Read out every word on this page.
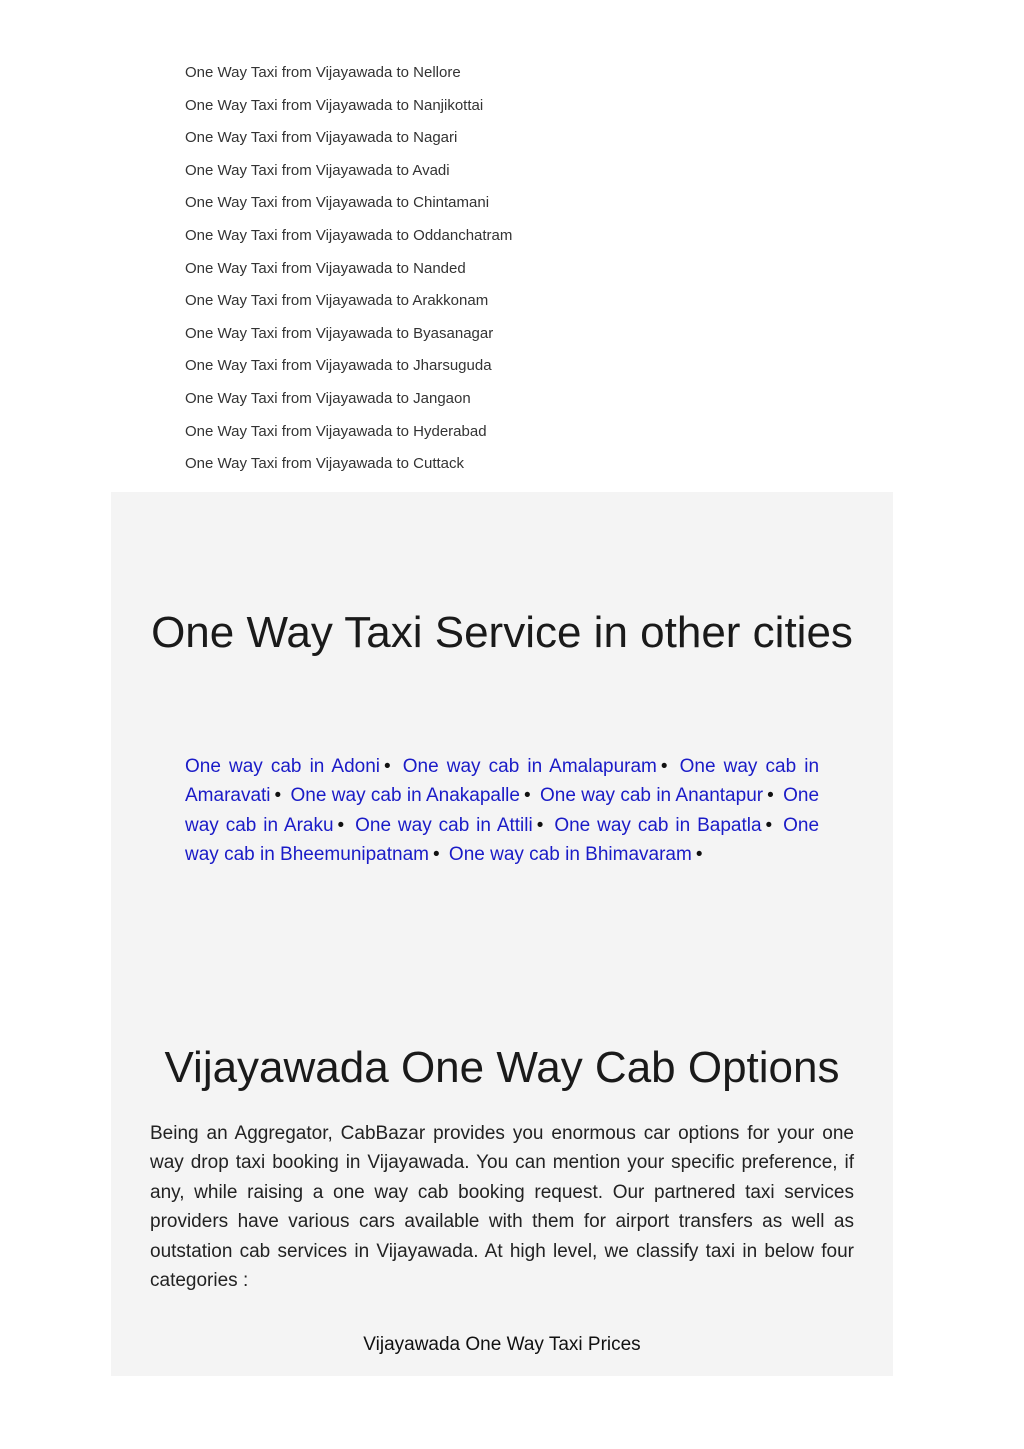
One Way Taxi from Vijayawada to Nellore
One Way Taxi from Vijayawada to Nanjikottai
One Way Taxi from Vijayawada to Nagari
One Way Taxi from Vijayawada to Avadi
One Way Taxi from Vijayawada to Chintamani
One Way Taxi from Vijayawada to Oddanchatram
One Way Taxi from Vijayawada to Nanded
One Way Taxi from Vijayawada to Arakkonam
One Way Taxi from Vijayawada to Byasanagar
One Way Taxi from Vijayawada to Jharsuguda
One Way Taxi from Vijayawada to Jangaon
One Way Taxi from Vijayawada to Hyderabad
One Way Taxi from Vijayawada to Cuttack
One Way Taxi Service in other cities
One way cab in Adoni • One way cab in Amalapuram • One way cab in Amaravati • One way cab in Anakapalle • One way cab in Anantapur • One way cab in Araku • One way cab in Attili • One way cab in Bapatla • One way cab in Bheemunipatnam • One way cab in Bhimavaram •
Vijayawada One Way Cab Options

Being an Aggregator, CabBazar provides you enormous car options for your one way drop taxi booking in Vijayawada. You can mention your specific preference, if any, while raising a one way cab booking request. Our partnered taxi services providers have various cars available with them for airport transfers as well as outstation cab services in Vijayawada. At high level, we classify taxi in below four categories :

Vijayawada One Way Taxi Prices
